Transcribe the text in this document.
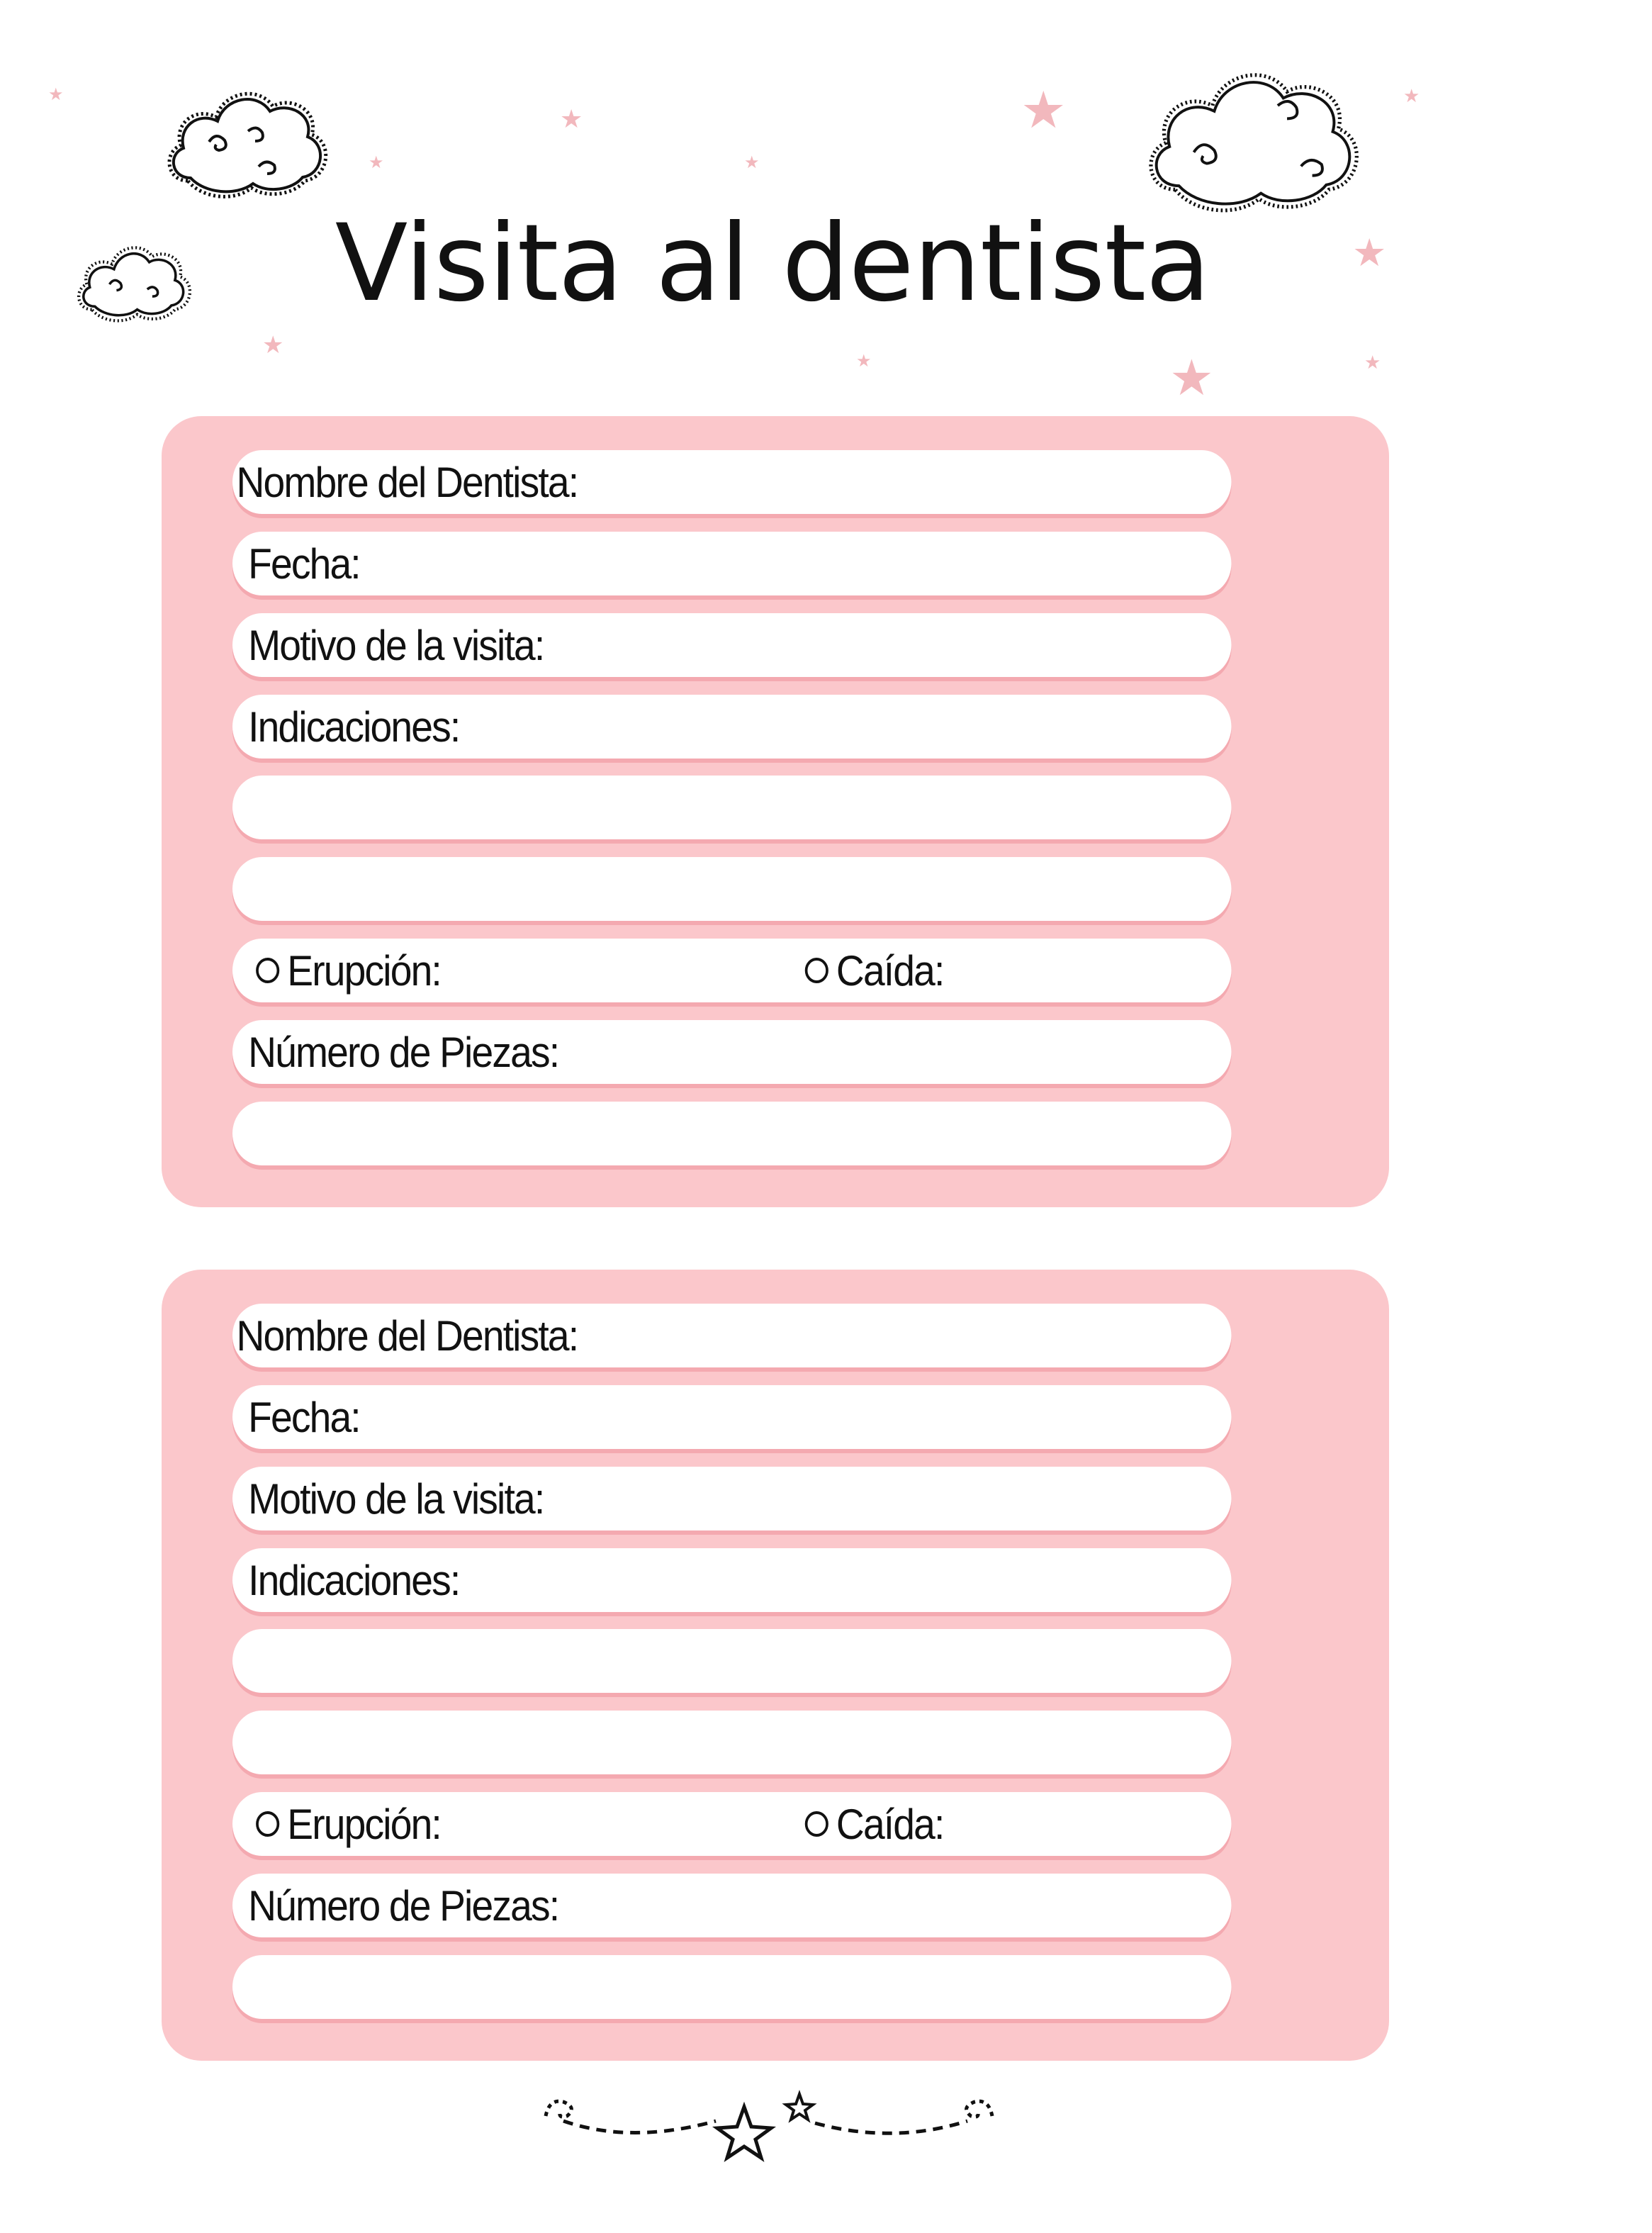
★
★
★	★
★	★
★
★
★	★	★
Visita al dentista
Nombre del Dentista:
Fecha:
Motivo de la visita:
Indicaciones:
Erupción:	Caída:
Número de Piezas:
Nombre del Dentista:
Fecha:
Motivo de la visita:
Indicaciones:
Erupción:	Caída:
Número de Piezas:
